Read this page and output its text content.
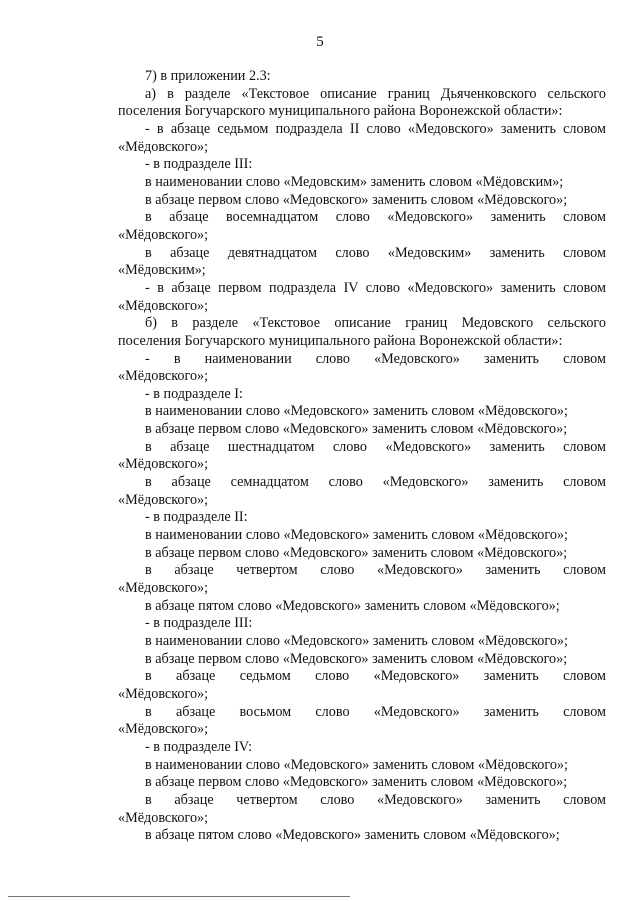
5
7) в приложении 2.3:
а) в разделе «Текстовое описание границ Дьяченковского сельского
поселения Богучарского муниципального района Воронежской области»:
- в абзаце седьмом подраздела II слово «Медовского» заменить словом
«Мёдовского»;
- в подразделе III:
в наименовании слово «Медовским» заменить словом «Мёдовским»;
в абзаце первом слово «Медовского» заменить словом «Мёдовского»;
в абзаце восемнадцатом слово «Медовского» заменить словом
«Мёдовского»;
в абзаце девятнадцатом слово «Медовским» заменить словом
«Мёдовским»;
- в абзаце первом подраздела IV слово «Медовского» заменить словом
«Мёдовского»;
б) в разделе «Текстовое описание границ Медовского сельского
поселения Богучарского муниципального района Воронежской области»:
- в наименовании слово «Медовского» заменить словом
«Мёдовского»;
- в подразделе I:
в наименовании слово «Медовского» заменить словом «Мёдовского»;
в абзаце первом слово «Медовского» заменить словом «Мёдовского»;
в абзаце шестнадцатом слово «Медовского» заменить словом
«Мёдовского»;
в абзаце семнадцатом слово «Медовского» заменить словом
«Мёдовского»;
- в подразделе II:
в наименовании слово «Медовского» заменить словом «Мёдовского»;
в абзаце первом слово «Медовского» заменить словом «Мёдовского»;
в абзаце четвертом слово «Медовского» заменить словом
«Мёдовского»;
в абзаце пятом слово «Медовского» заменить словом «Мёдовского»;
- в подразделе III:
в наименовании слово «Медовского» заменить словом «Мёдовского»;
в абзаце первом слово «Медовского» заменить словом «Мёдовского»;
в абзаце седьмом слово «Медовского» заменить словом
«Мёдовского»;
в абзаце восьмом слово «Медовского» заменить словом
«Мёдовского»;
- в подразделе IV:
в наименовании слово «Медовского» заменить словом «Мёдовского»;
в абзаце первом слово «Медовского» заменить словом «Мёдовского»;
в абзаце четвертом слово «Медовского» заменить словом
«Мёдовского»;
в абзаце пятом слово «Медовского» заменить словом «Мёдовского»;
